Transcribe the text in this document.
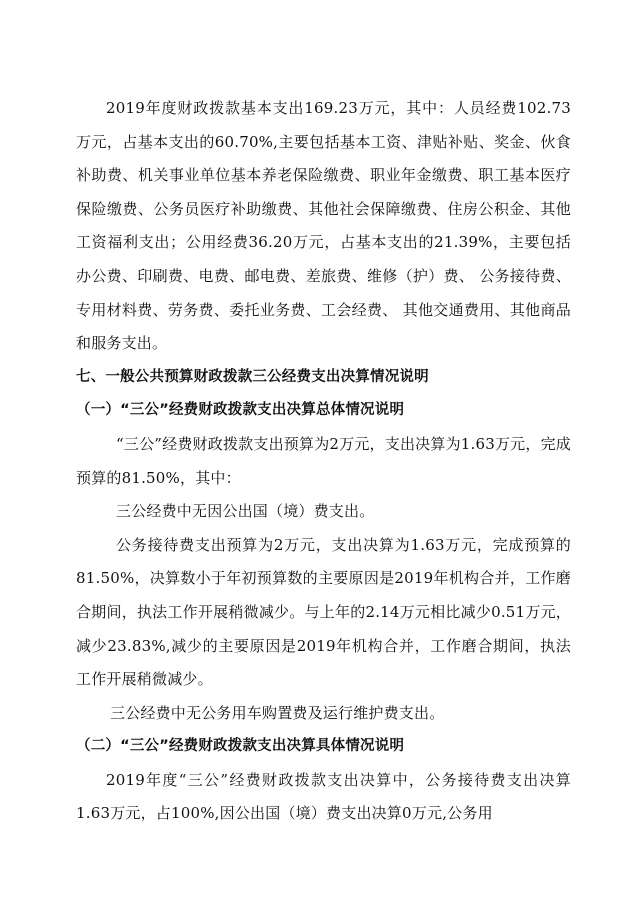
2019年度财政拨款基本支出169.23万元，其中：人员经费102.73万元，占基本支出的60.70%,主要包括基本工资、津贴补贴、奖金、伙食补助费、机关事业单位基本养老保险缴费、职业年金缴费、职工基本医疗保险缴费、公务员医疗补助缴费、其他社会保障缴费、住房公积金、其他工资福利支出；公用经费36.20万元，占基本支出的21.39%，主要包括办公费、印刷费、电费、邮电费、差旅费、维修（护）费、 公务接待费、专用材料费、劳务费、委托业务费、工会经费、 其他交通费用、其他商品和服务支出。

七、一般公共预算财政拨款三公经费支出决算情况说明

（一）“三公”经费财政拨款支出决算总体情况说明

“三公”经费财政拨款支出预算为2万元，支出决算为1.63万元，完成预算的81.50%，其中：

三公经费中无因公出国（境）费支出。

公务接待费支出预算为2万元，支出决算为1.63万元，完成预算的81.50%，决算数小于年初预算数的主要原因是2019年机构合并，工作磨合期间，执法工作开展稍微减少。与上年的2.14万元相比减少0.51万元，减少23.83%,减少的主要原因是2019年机构合并，工作磨合期间，执法工作开展稍微减少。

三公经费中无公务用车购置费及运行维护费支出。

（二）“三公”经费财政拨款支出决算具体情况说明

2019年度“三公”经费财政拨款支出决算中，公务接待费支出决算1.63万元，占100%,因公出国（境）费支出决算0万元,公务用
